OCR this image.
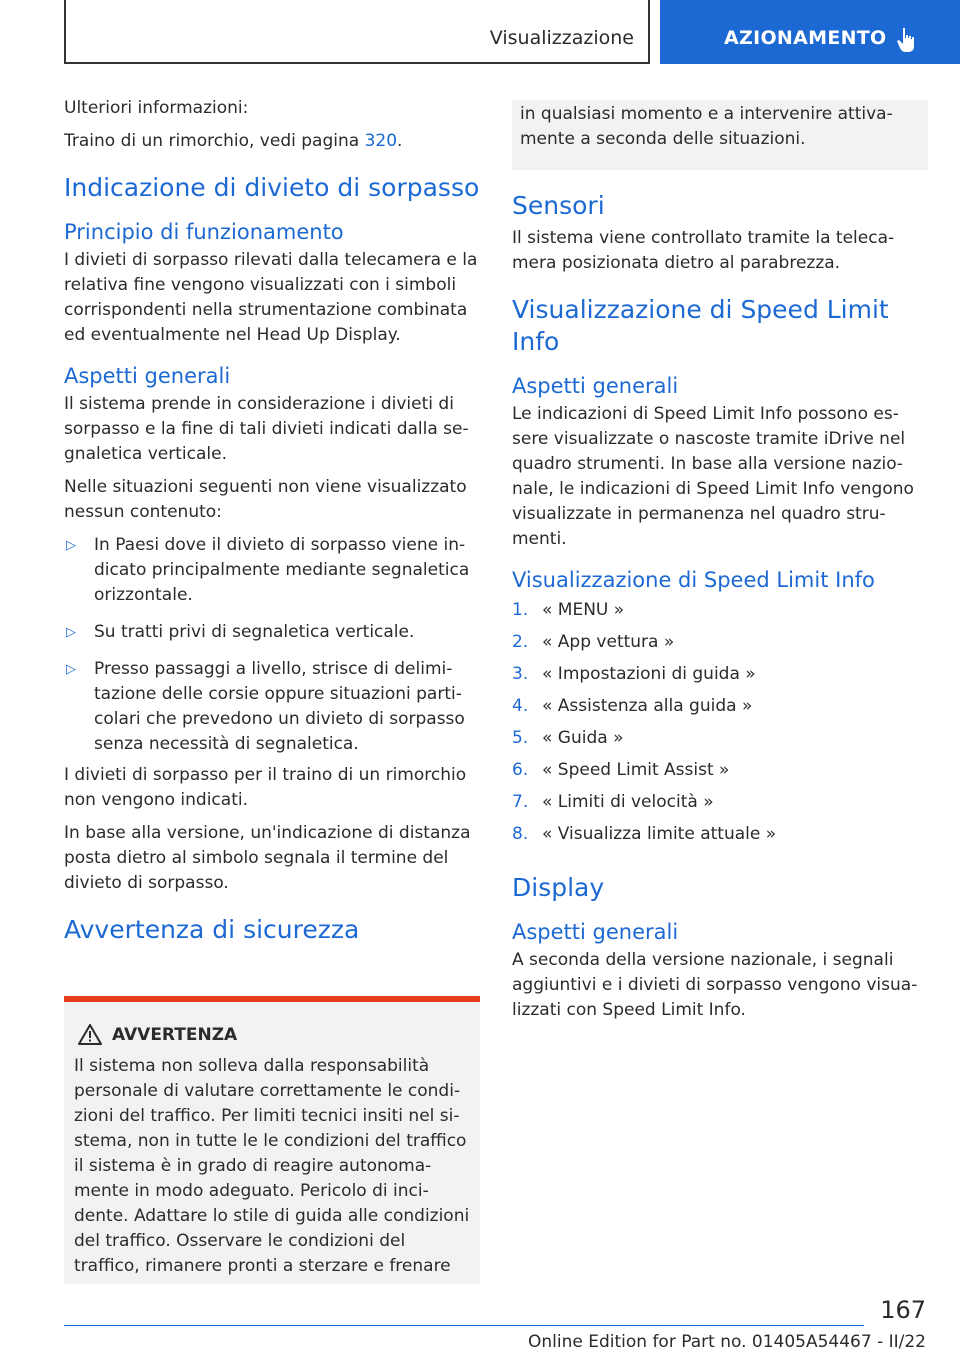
Visualizzazione	AZIONAMENTO

Ulteriori informazioni:

Traino di un rimorchio, vedi pagina 320.

Indicazione di divieto di sorpasso
Principio di funzionamento

I divieti di sorpasso rilevati dalla telecamera e la relativa fine vengono visualizzati con i simboli corrispondenti nella strumentazione combinata ed eventualmente nel Head Up Display.

Aspetti generali

Il sistema prende in considerazione i divieti di sorpasso e la fine di tali divieti indicati dalla segnaletica verticale.

Nelle situazioni seguenti non viene visualizzato nessun contenuto:

▷ In Paesi dove il divieto di sorpasso viene indicato principalmente mediante segnaletica orizzontale.
▷ Su tratti privi di segnaletica verticale.
▷ Presso passaggi a livello, strisce di delimitazione delle corsie oppure situazioni particolari che prevedono un divieto di sorpasso senza necessità di segnaletica.

I divieti di sorpasso per il traino di un rimorchio non vengono indicati.

In base alla versione, un'indicazione di distanza posta dietro al simbolo segnala il termine del divieto di sorpasso.

Avvertenza di sicurezza
AVVERTENZA
Il sistema non solleva dalla responsabilità personale di valutare correttamente le condizioni del traffico. Per limiti tecnici insiti nel sistema, non in tutte le le condizioni del traffico il sistema è in grado di reagire autonomamente in modo adeguato. Pericolo di incidente. Adattare lo stile di guida alle condizioni del traffico. Osservare le condizioni del traffico, rimanere pronti a sterzare e frenare

in qualsiasi momento e a intervenire attivamente a seconda delle situazioni.

Sensori

Il sistema viene controllato tramite la telecamera posizionata dietro al parabrezza.

Visualizzazione di Speed Limit Info
Aspetti generali

Le indicazioni di Speed Limit Info possono essere visualizzate o nascoste tramite iDrive nel quadro strumenti. In base alla versione nazionale, le indicazioni di Speed Limit Info vengono visualizzate in permanenza nel quadro strumenti.

Visualizzazione di Speed Limit Info
1. « MENU »
2. « App vettura »
3. « Impostazioni di guida »
4. « Assistenza alla guida »
5. « Guida »
6. « Speed Limit Assist »
7. « Limiti di velocità »
8. « Visualizza limite attuale »
Display
Aspetti generali

A seconda della versione nazionale, i segnali aggiuntivi e i divieti di sorpasso vengono visualizzati con Speed Limit Info.

167
Online Edition for Part no. 01405A54467 - II/22
